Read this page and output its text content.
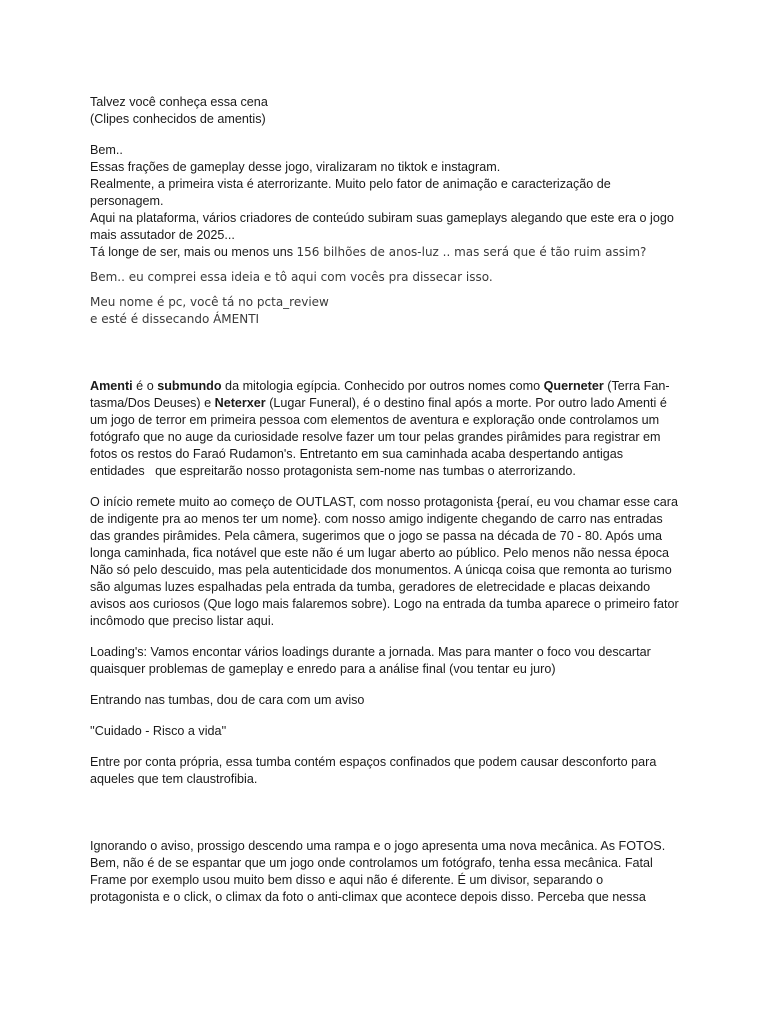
Talvez você conheça essa cena

(Clipes conhecidos de amentis)

Bem..

Essas frações de gameplay desse jogo, viralizaram no tiktok e instagram.

Realmente, a primeira vista é aterrorizante. Muito pelo fator de animação e caracterização de

personagem.

Aqui na plataforma, vários criadores de conteúdo subiram suas gameplays alegando que este era o jogo

mais assutador de 2025...

Tá longe de ser, mais ou menos uns 156 bilhões de anos-luz .. mas será que é tão ruim assim?

Bem.. eu comprei essa ideia e tô aqui com vocês pra dissecar isso.

Meu nome é pc, você tá no pcta_review

e esté é dissecando ÁMENTI

Amenti é o submundo da mitologia egípcia. Conhecido por outros nomes como Querneter (Terra Fan-

tasma/Dos Deuses) e Neterxer (Lugar Funeral), é o destino final após a morte. Por outro lado Amenti é

um jogo de terror em primeira pessoa com elementos de aventura e exploração onde controlamos um

fotógrafo que no auge da curiosidade resolve fazer um tour pelas grandes pirâmides para registrar em

fotos os restos do Faraó Rudamon's. Entretanto em sua caminhada acaba despertando antigas

entidades   que espreitarão nosso protagonista sem-nome nas tumbas o aterrorizando.

O início remete muito ao começo de OUTLAST, com nosso protagonista {peraí, eu vou chamar esse cara

de indigente pra ao menos ter um nome}. com nosso amigo indigente chegando de carro nas entradas

das grandes pirâmides. Pela câmera, sugerimos que o jogo se passa na década de 70 - 80. Após uma

longa caminhada, fica notável que este não é um lugar aberto ao público. Pelo menos não nessa época

Não só pelo descuido, mas pela autenticidade dos monumentos. A únicqa coisa que remonta ao turismo

são algumas luzes espalhadas pela entrada da tumba, geradores de eletrecidade e placas deixando

avisos aos curiosos (Que logo mais falaremos sobre). Logo na entrada da tumba aparece o primeiro fator

incômodo que preciso listar aqui.

Loading's: Vamos encontar vários loadings durante a jornada. Mas para manter o foco vou descartar

quaisquer problemas de gameplay e enredo para a análise final (vou tentar eu juro)

Entrando nas tumbas, dou de cara com um aviso

''Cuidado - Risco a vida''

Entre por conta própria, essa tumba contém espaços confinados que podem causar desconforto para

aqueles que tem claustrofibia.

Ignorando o aviso, prossigo descendo uma rampa e o jogo apresenta uma nova mecânica. As FOTOS.

Bem, não é de se espantar que um jogo onde controlamos um fotógrafo, tenha essa mecânica. Fatal

Frame por exemplo usou muito bem disso e aqui não é diferente. É um divisor, separando o

protagonista e o click, o climax da foto o anti-climax que acontece depois disso. Perceba que nessa
